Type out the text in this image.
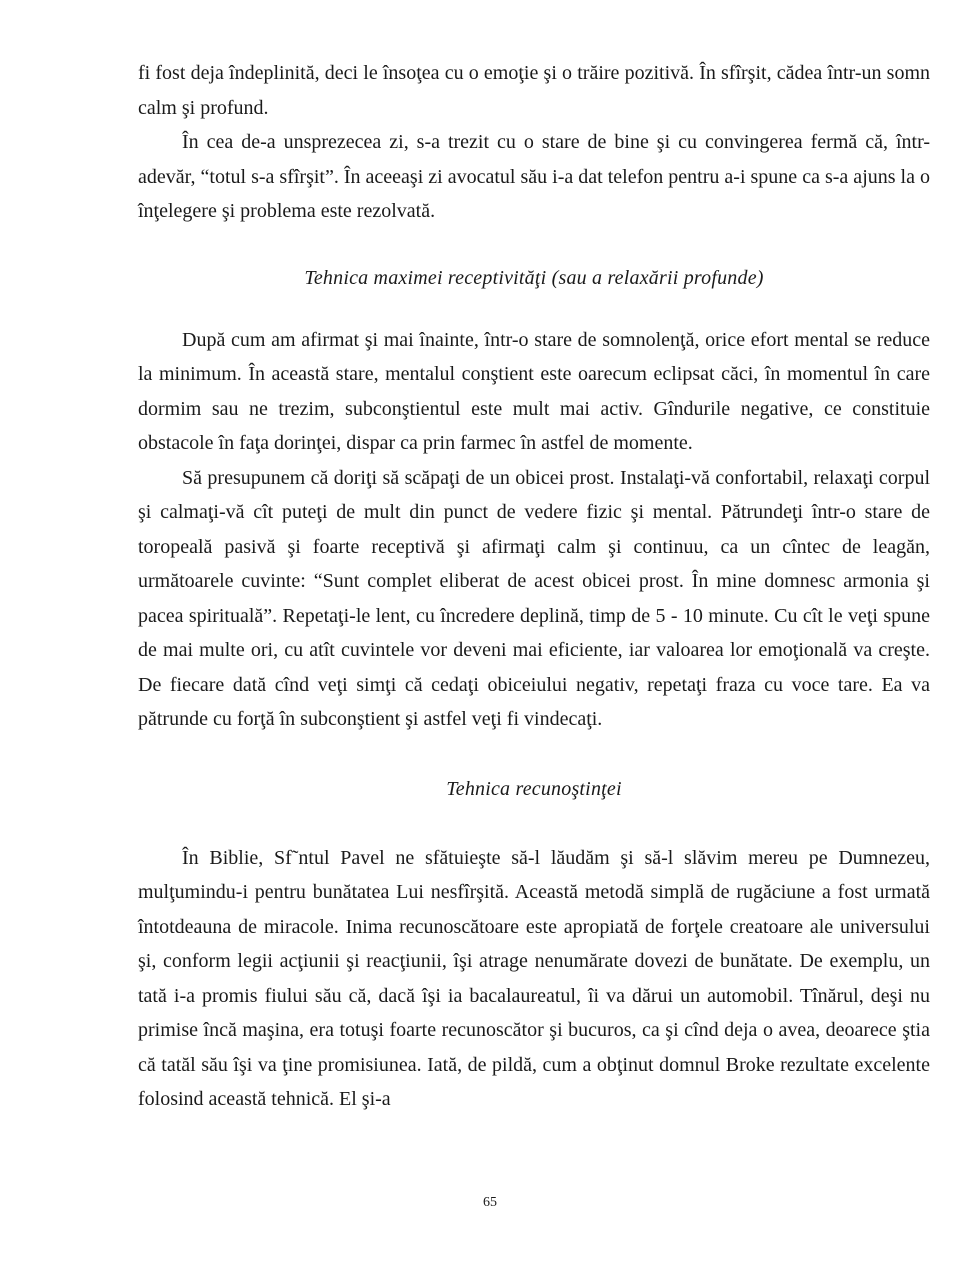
fi fost deja îndeplinită, deci le însoţea cu o emoţie şi o trăire pozitivă. În sfîrşit, cădea într-un somn calm şi profund.

În cea de-a unsprezecea zi, s-a trezit cu o stare de bine şi cu convingerea fermă că, într-adevăr, “totul s-a sfîrşit”. În aceeaşi zi avocatul său i-a dat telefon pentru a-i spune ca s-a ajuns la o înţelegere şi problema este rezolvată.

Tehnica maximei receptivităţi (sau a relaxării profunde)

După cum am afirmat şi mai înainte, într-o stare de somnolenţă, orice efort mental se reduce la minimum. În această stare, mentalul conştient este oarecum eclipsat căci, în momentul în care dormim sau ne trezim, subconştientul este mult mai activ. Gîndurile negative, ce constituie obstacole în faţa dorinţei, dispar ca prin farmec în astfel de momente.

Să presupunem că doriţi să scăpaţi de un obicei prost. Instalaţi-vă confortabil, relaxaţi corpul şi calmaţi-vă cît puteţi de mult din punct de vedere fizic şi mental. Pătrundeţi într-o stare de toropeală pasivă şi foarte receptivă şi afirmaţi calm şi continuu, ca un cîntec de leagăn, următoarele cuvinte: “Sunt complet eliberat de acest obicei prost. În mine domnesc armonia şi pacea spirituală”. Repetaţi-le lent, cu încredere deplină, timp de 5 - 10 minute. Cu cît le veţi spune de mai multe ori, cu atît cuvintele vor deveni mai eficiente, iar valoarea lor emoţională va creşte. De fiecare dată cînd veţi simţi că cedaţi obiceiului negativ, repetaţi fraza cu voce tare. Ea va pătrunde cu forţă în subconştient şi astfel veţi fi vindecaţi.

Tehnica recunoştinţei

În Biblie, Sf˜ntul Pavel ne sfătuieşte să-l lăudăm şi să-l slăvim mereu pe Dumnezeu, mulţumindu-i pentru bunătatea Lui nesfîrşită. Această metodă simplă de rugăciune a fost urmată întotdeauna de miracole. Inima recunoscătoare este apropiată de forţele creatoare ale universului şi, conform legii acţiunii şi reacţiunii, îşi atrage nenumărate dovezi de bunătate. De exemplu, un tată i-a promis fiului său că, dacă îşi ia bacalaureatul, îi va dărui un automobil. Tînărul, deşi nu primise încă maşina, era totuşi foarte recunoscător şi bucuros, ca şi cînd deja o avea, deoarece ştia că tatăl său îşi va ţine promisiunea. Iată, de pildă, cum a obţinut domnul Broke rezultate excelente folosind această tehnică. El şi-a

65
